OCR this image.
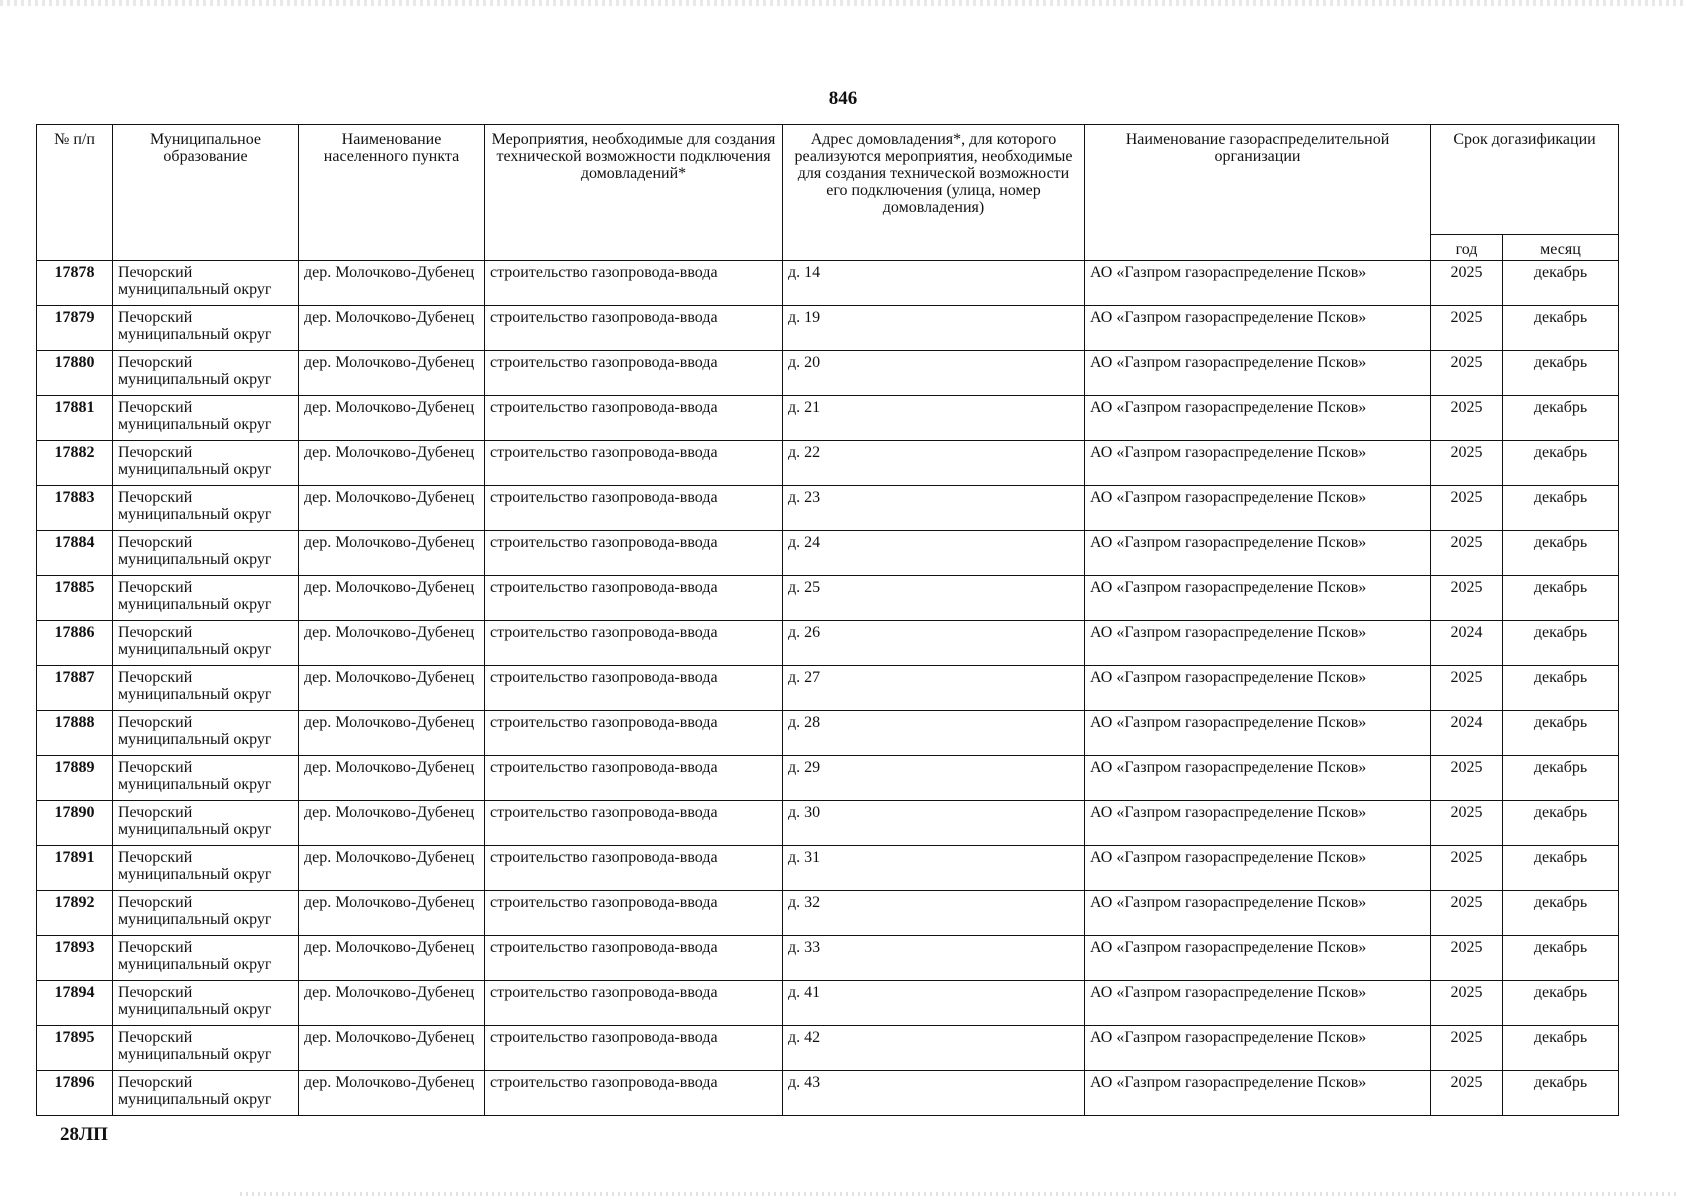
846
№ п/п	Муниципальное образование	Наименование населенного пункта	Мероприятия, необходимые для создания технической возможности подключения домовладений*	Адрес домовладения*, для которого реализуются мероприятия, необходимые для создания технической возможности его подключения (улица, номер домовладения)	Наименование газораспределительной организации	Срок догазификации	
						год	месяц
17878	Печорский муниципальный округ	дер. Молочково-Дубенец	строительство газопровода-ввода	д. 14	АО «Газпром газораспределение Псков»	2025	декабрь
17879	Печорский муниципальный округ	дер. Молочково-Дубенец	строительство газопровода-ввода	д. 19	АО «Газпром газораспределение Псков»	2025	декабрь
17880	Печорский муниципальный округ	дер. Молочково-Дубенец	строительство газопровода-ввода	д. 20	АО «Газпром газораспределение Псков»	2025	декабрь
17881	Печорский муниципальный округ	дер. Молочково-Дубенец	строительство газопровода-ввода	д. 21	АО «Газпром газораспределение Псков»	2025	декабрь
17882	Печорский муниципальный округ	дер. Молочково-Дубенец	строительство газопровода-ввода	д. 22	АО «Газпром газораспределение Псков»	2025	декабрь
17883	Печорский муниципальный округ	дер. Молочково-Дубенец	строительство газопровода-ввода	д. 23	АО «Газпром газораспределение Псков»	2025	декабрь
17884	Печорский муниципальный округ	дер. Молочково-Дубенец	строительство газопровода-ввода	д. 24	АО «Газпром газораспределение Псков»	2025	декабрь
17885	Печорский муниципальный округ	дер. Молочково-Дубенец	строительство газопровода-ввода	д. 25	АО «Газпром газораспределение Псков»	2025	декабрь
17886	Печорский муниципальный округ	дер. Молочково-Дубенец	строительство газопровода-ввода	д. 26	АО «Газпром газораспределение Псков»	2024	декабрь
17887	Печорский муниципальный округ	дер. Молочково-Дубенец	строительство газопровода-ввода	д. 27	АО «Газпром газораспределение Псков»	2025	декабрь
17888	Печорский муниципальный округ	дер. Молочково-Дубенец	строительство газопровода-ввода	д. 28	АО «Газпром газораспределение Псков»	2024	декабрь
17889	Печорский муниципальный округ	дер. Молочково-Дубенец	строительство газопровода-ввода	д. 29	АО «Газпром газораспределение Псков»	2025	декабрь
17890	Печорский муниципальный округ	дер. Молочково-Дубенец	строительство газопровода-ввода	д. 30	АО «Газпром газораспределение Псков»	2025	декабрь
17891	Печорский муниципальный округ	дер. Молочково-Дубенец	строительство газопровода-ввода	д. 31	АО «Газпром газораспределение Псков»	2025	декабрь
17892	Печорский муниципальный округ	дер. Молочково-Дубенец	строительство газопровода-ввода	д. 32	АО «Газпром газораспределение Псков»	2025	декабрь
17893	Печорский муниципальный округ	дер. Молочково-Дубенец	строительство газопровода-ввода	д. 33	АО «Газпром газораспределение Псков»	2025	декабрь
17894	Печорский муниципальный округ	дер. Молочково-Дубенец	строительство газопровода-ввода	д. 41	АО «Газпром газораспределение Псков»	2025	декабрь
17895	Печорский муниципальный округ	дер. Молочково-Дубенец	строительство газопровода-ввода	д. 42	АО «Газпром газораспределение Псков»	2025	декабрь
17896	Печорский муниципальный округ	дер. Молочково-Дубенец	строительство газопровода-ввода	д. 43	АО «Газпром газораспределение Псков»	2025	декабрь
28ЛП
